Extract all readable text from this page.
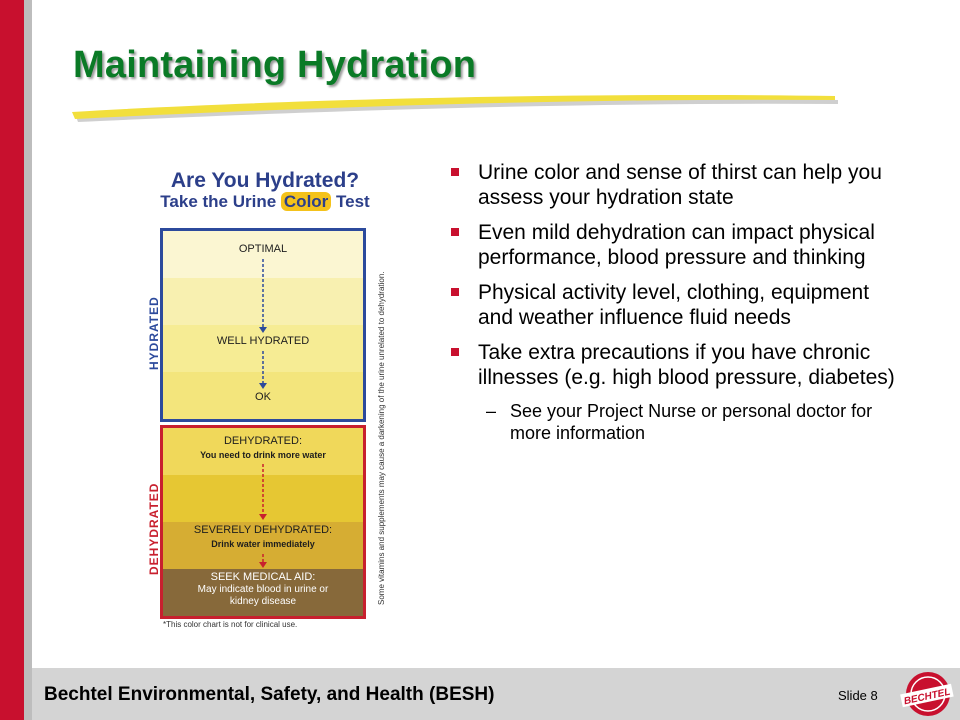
Maintaining Hydration
Are You Hydrated?
Take the Urine Color Test
HYDRATED
DEHYDRATED
OPTIMAL
WELL HYDRATED
OK
DEHYDRATED:
You need to drink more water
SEVERELY DEHYDRATED:
Drink water immediately
SEEK MEDICAL AID:
May indicate blood in urine or
kidney disease	Some vitamins and supplements may cause a darkening of the urine unrelated to dehydration.
*This color chart is not for clinical use.
Urine color and sense of thirst can help you assess your hydration state
Even mild dehydration can impact physical performance, blood pressure and thinking
Physical activity level, clothing, equipment and weather influence fluid needs
Take extra precautions if you have chronic illnesses (e.g. high blood pressure, diabetes)
– See your Project Nurse or personal doctor for more information
Bechtel Environmental, Safety, and Health (BESH)	Slide 8	BECHTEL
